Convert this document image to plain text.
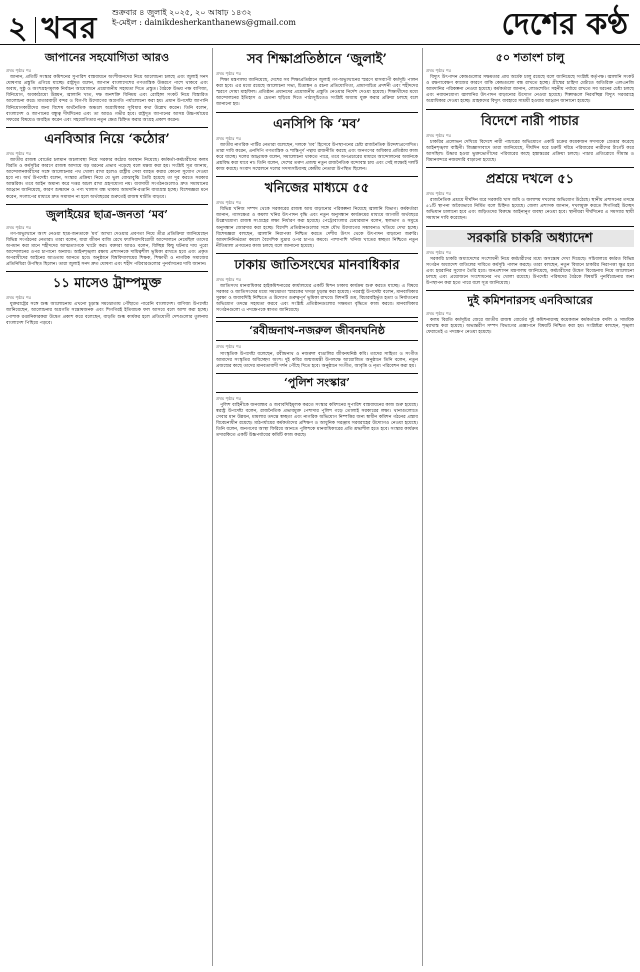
২ খবর শুক্রবার ৪ জুলাই ২০২৫, ২০ আষাঢ় ১৪৩২
ই-মেইল : dainikdesherkanthanews@gmail.com	দেশের কণ্ঠ
জাপানের সহযোগিতা আরও
প্রথম পৃষ্ঠার পর

জানান, প্রতিটি সংস্কার কমিশনের সুপারিশ বাস্তবায়নে অংশীজনদের নিয়ে আলোচনা চলছে এবং জুলাই সনদ ঘোষণার প্রস্তুতি এগিয়ে যাচ্ছে। রাষ্ট্রদূত বলেন, জাপান বাংলাদেশের গণতান্ত্রিক উত্তরণে পাশে থাকবে এবং অবাধ, সুষ্ঠু ও অংশগ্রহণমূলক নির্বাচন আয়োজনে প্রয়োজনীয় সহায়তা দিতে প্রস্তুত। বৈঠকে উভয় পক্ষ বাণিজ্য, বিনিয়োগ, অবকাঠামো উন্নয়ন, জ্বালানি খাত, দক্ষ জনশক্তি বিনিময় এবং রোহিঙ্গা সংকট নিয়ে বিস্তারিত আলোচনা করে। মাতারবাড়ী বন্দর ও বিগ-বি উদ্যোগের অগ্রগতি পর্যালোচনা করা হয়। প্রধান উপদেষ্টা জাপানি বিনিয়োগকারীদের জন্য বিশেষ অর্থনৈতিক অঞ্চলে অগ্রাধিকার সুবিধার কথা উল্লেখ করেন। তিনি বলেন, বাংলাদেশ ও জাপানের বন্ধুত্ব দীর্ঘদিনের এবং তা আরও গভীর হবে। রাষ্ট্রদূত জাপানের আসন্ন উচ্চপর্যায়ের সফরের বিষয়েও অবহিত করেন এবং সহযোগিতার নতুন ক্ষেত্র চিহ্নিত করার আগ্রহ প্রকাশ করেন।

এনবিআর নিয়ে ‘কঠোর’
প্রথম পৃষ্ঠার পর

জাতীয় রাজস্ব বোর্ডের চলমান অচলাবস্থা নিয়ে সরকার কঠোর অবস্থান নিয়েছে। কর্মকর্তা-কর্মচারীদের কলম বিরতি ও কর্মসূচির কারণে রাজস্ব আদায়ে বড় ধরনের প্রভাব পড়েছে বলে মন্তব্য করা হয়। সংশ্লিষ্ট সূত্র জানায়, আন্দোলনকারীদের সঙ্গে আলোচনার পথ খোলা রাখা হলেও রাষ্ট্রীয় সেবা ব্যাহত করার কোনো সুযোগ দেওয়া হবে না। অর্থ উপদেষ্টা বলেন, সংস্কার প্রক্রিয়া নিয়ে যে ভুল বোঝাবুঝি তৈরি হয়েছে তা দূর করতে সরকার আন্তরিক। তবে আইন অমান্য করে দপ্তর অচল রাখা গ্রহণযোগ্য নয়। ব্যবসায়ী সংগঠনগুলোও দ্রুত সমাধানের আহ্বান জানিয়েছে, কারণ শুল্কায়ন ও পণ্য খালাস বন্ধ থাকায় আমদানি-রপ্তানি বাধাগ্রস্ত হচ্ছে। বিশেষজ্ঞরা মনে করেন, সংলাপের মাধ্যমে দ্রুত সমাধান না হলে অর্থবছরের শুরুতেই রাজস্ব ঘাটতি বাড়বে।

জুলাইয়ের ছাত্র-জনতা ‘মব’
প্রথম পৃষ্ঠার পর

গণ-অভ্যুত্থানে অংশ নেওয়া ছাত্র-জনতাকে ‘মব’ আখ্যা দেওয়ার প্রবণতা নিয়ে তীব্র প্রতিক্রিয়া জানিয়েছেন বিভিন্ন সংগঠনের নেতারা। তারা বলেন, যারা জীবন বাজি রেখে ফ্যাসিবাদবিরোধী আন্দোলনে নেমেছিল তাদের অপমান করা মানে শহীদদের আত্মত্যাগকে খাটো করা। বক্তারা আরও বলেন, বিচ্ছিন্ন কিছু ঘটনার দায় পুরো আন্দোলনের ওপর চাপানো অন্যায়। আইনশৃঙ্খলা রক্ষায় প্রশাসনকে দায়িত্বশীল ভূমিকা রাখতে হবে এবং প্রকৃত অপরাধীদের আইনের আওতায় আনতে হবে। অনুষ্ঠানে বিশ্ববিদ্যালয়ের শিক্ষক, শিক্ষার্থী ও নাগরিক সমাজের প্রতিনিধিরা উপস্থিত ছিলেন। তারা জুলাই সনদ দ্রুত ঘোষণা এবং শহীদ পরিবারগুলোর পুনর্বাসনের দাবি জানান।

১১ মাসেও ট্রাম্পমুক্ত
প্রথম পৃষ্ঠার পর

যুক্তরাষ্ট্রের সঙ্গে শুল্ক আলোচনায় এখনো চূড়ান্ত সমঝোতায় পৌঁছাতে পারেনি বাংলাদেশ। বাণিজ্য উপদেষ্টা জানিয়েছেন, আলোচনার অগ্রগতি সন্তোষজনক এবং শিগগিরই ইতিবাচক ফল আসবে বলে আশা করা হচ্ছে। পোশাক রপ্তানিকারকরা উদ্বেগ প্রকাশ করে বলেছেন, বাড়তি শুল্ক কার্যকর হলে প্রতিযোগী দেশগুলোর তুলনায় বাংলাদেশ পিছিয়ে পড়বে।

সব শিক্ষাপ্রতিষ্ঠানে ‘জুলাই’
প্রথম পৃষ্ঠার পর

শিক্ষা মন্ত্রণালয় জানিয়েছে, দেশের সব শিক্ষাপ্রতিষ্ঠানে জুলাই গণ-অভ্যুত্থানের স্মরণে মাসব্যাপী কর্মসূচি পালন করা হবে। এর মধ্যে রয়েছে আলোচনা সভা, চিত্রাঙ্কন ও রচনা প্রতিযোগিতা, প্রামাণ্যচিত্র প্রদর্শনী এবং শহীদদের স্মরণে দোয়া মাহফিল। প্রতিষ্ঠান প্রধানদের প্রয়োজনীয় প্রস্তুতি নেওয়ার নির্দেশ দেওয়া হয়েছে। শিক্ষার্থীদের মধ্যে আন্দোলনের ইতিহাস ও চেতনা ছড়িয়ে দিতে পাঠ্যসূচিতেও সংশ্লিষ্ট অধ্যায় যুক্ত করার প্রক্রিয়া চলছে বলে জানানো হয়।

এনসিপি কি ‘মব’
প্রথম পৃষ্ঠার পর

জাতীয় নাগরিক পার্টির নেতারা বলেছেন, দলকে ‘মব’ হিসেবে উপস্থাপনের চেষ্টা রাজনৈতিক উদ্দেশ্যপ্রণোদিত। তারা দাবি করেন, এনসিপি গণতান্ত্রিক ও শান্তিপূর্ণ পন্থায় রাজনীতি করছে এবং জনগণের অধিকার প্রতিষ্ঠায় কাজ করে যাচ্ছে। দলের আহ্বায়ক বলেন, সমালোচনা থাকতে পারে, তবে অপপ্রচারের মাধ্যমে আন্দোলনের অর্জনকে প্রশ্নবিদ্ধ করা যাবে না। তিনি বলেন, দেশের তরুণ প্রজন্ম নতুন রাজনৈতিক বন্দোবস্ত চায় এবং সেই লক্ষ্যেই দলটি কাজ করছে। সংবাদ সম্মেলনে দলের সদস্যসচিবসহ কেন্দ্রীয় নেতারা উপস্থিত ছিলেন।

খনিজের মাধ্যমে ৫৫
প্রথম পৃষ্ঠার পর

বিভিন্ন খনিজ সম্পদ থেকে সরকারের রাজস্ব আয় বাড়ানোর পরিকল্পনা নিয়েছে জ্বালানি বিভাগ। কর্মকর্তারা জানান, গ্যাসক্ষেত্র ও কয়লা খনির উৎপাদন বৃদ্ধি এবং নতুন অনুসন্ধান কার্যক্রমের মাধ্যমে আগামী অর্থবছরে উল্লেখযোগ্য রাজস্ব সংগ্রহের লক্ষ্য নির্ধারণ করা হয়েছে। পেট্রোবাংলার চেয়ারম্যান বলেন, স্থলভাগ ও সমুদ্রে অনুসন্ধান জোরদার করা হচ্ছে। বিদেশি প্রতিষ্ঠানগুলোর সঙ্গে যৌথ উদ্যোগের সম্ভাবনাও খতিয়ে দেখা হচ্ছে। বিশেষজ্ঞরা বলছেন, জ্বালানি নিরাপত্তা নিশ্চিত করতে দেশীয় উৎস থেকে উৎপাদন বাড়ানো জরুরি। আমদানিনির্ভরতা কমলে বৈদেশিক মুদ্রার ওপর চাপও কমবে। পাশাপাশি খনিজ খাতের স্বচ্ছতা নিশ্চিতে নতুন নীতিমালা প্রণয়নের কাজ চলছে বলে জানানো হয়েছে।

ঢাকায় জাতিসংঘের মানবাধিকার
প্রথম পৃষ্ঠার পর

জাতিসংঘ মানবাধিকার হাইকমিশনারের কার্যালয়ের একটি মিশন ঢাকায় কার্যক্রম শুরু করতে যাচ্ছে। এ বিষয়ে সরকার ও জাতিসংঘের মধ্যে সমঝোতা স্মারকের খসড়া চূড়ান্ত করা হয়েছে। পররাষ্ট্র উপদেষ্টা বলেন, মানবাধিকার সুরক্ষা ও জবাবদিহি নিশ্চিতে এ উদ্যোগ গুরুত্বপূর্ণ ভূমিকা রাখবে। মিশনটি গুম, বিচারবহির্ভূত হত্যা ও নির্যাতনের অভিযোগ তদন্তে সহায়তা করবে এবং সংশ্লিষ্ট প্রতিষ্ঠানগুলোর সক্ষমতা বৃদ্ধিতে কাজ করবে। মানবাধিকার সংগঠনগুলো এ পদক্ষেপকে স্বাগত জানিয়েছে।

‘রবীন্দ্রনাথ-নজরুল জীবনঘনিষ্ঠ
প্রথম পৃষ্ঠার পর

সাংস্কৃতিক উপদেষ্টা বলেছেন, রবীন্দ্রনাথ ও নজরুল বাঙালির জীবনঘনিষ্ঠ কবি। তাদের সাহিত্য ও সংগীত আমাদের সংস্কৃতির অবিচ্ছেদ্য অংশ। দুই কবির জন্মজয়ন্তী উপলক্ষে আয়োজিত অনুষ্ঠানে তিনি বলেন, নতুন প্রজন্মের কাছে তাদের মানবতাবাদী দর্শন পৌঁছে দিতে হবে। অনুষ্ঠানে সংগীত, আবৃত্তি ও নৃত্য পরিবেশন করা হয়।

‘পুলিশ সংস্কার’
প্রথম পৃষ্ঠার পর

পুলিশ বাহিনীকে জনবান্ধব ও জবাবদিহিমূলক করতে সংস্কার কমিশনের সুপারিশ বাস্তবায়নের কাজ শুরু হয়েছে। স্বরাষ্ট্র উপদেষ্টা বলেন, রাজনৈতিক প্রভাবমুক্ত পেশাদার পুলিশ গড়ে তোলাই সরকারের লক্ষ্য। থানাগুলোতে সেবার মান উন্নয়ন, মামলার তদন্তে স্বচ্ছতা এবং নাগরিক অভিযোগ নিষ্পত্তির জন্য স্বাধীন কমিশন গঠনের প্রস্তাব বিবেচনাধীন রয়েছে। মাঠপর্যায়ের কর্মকর্তাদের প্রশিক্ষণ ও আধুনিক সরঞ্জাম সরবরাহের উদ্যোগও নেওয়া হয়েছে। তিনি বলেন, জনগণের আস্থা ফিরিয়ে আনতে পুলিশকে মানবাধিকারের প্রতি শ্রদ্ধাশীল হতে হবে। সংস্কার কার্যক্রম তদারকিতে একটি উচ্চপর্যায়ের কমিটি কাজ করছে।

৫০ শতাংশ চালু
প্রথম পৃষ্ঠার পর

বিদ্যুৎ উৎপাদন কেন্দ্রগুলোর সক্ষমতার প্রায় অর্ধেক চালু রয়েছে বলে জানিয়েছে সংশ্লিষ্ট কর্তৃপক্ষ। জ্বালানি সংকট ও রক্ষণাবেক্ষণ কাজের কারণে বাকি কেন্দ্রগুলো বন্ধ রাখতে হচ্ছে। গ্রীষ্মের চাহিদা মেটাতে অতিরিক্ত এলএনজি আমদানির পরিকল্পনা নেওয়া হয়েছে। কর্মকর্তারা জানান, লোডশেডিং সহনীয় পর্যায়ে রাখতে সব ধরনের চেষ্টা চলছে এবং নবায়নযোগ্য জ্বালানির উৎপাদন বাড়ানোর উদ্যোগ নেওয়া হয়েছে। শিল্পাঞ্চলে নিরবচ্ছিন্ন বিদ্যুৎ সরবরাহে অগ্রাধিকার দেওয়া হচ্ছে। গ্রাহকদের বিদ্যুৎ ব্যবহারে সাশ্রয়ী হওয়ার আহ্বান জানানো হয়েছে।

বিদেশে নারী পাচার
প্রথম পৃষ্ঠার পর

চাকরির প্রলোভন দেখিয়ে বিদেশে নারী পাচারের অভিযোগে একটি চক্রের কয়েকজন সদস্যকে গ্রেপ্তার করেছে আইনশৃঙ্খলা বাহিনী। জিজ্ঞাসাবাদে তারা জানিয়েছে, দীর্ঘদিন ধরে চক্রটি দরিদ্র পরিবারের নারীদের টার্গেট করে আসছিল। উদ্ধার হওয়া ভুক্তভোগীদের পরিবারের কাছে হস্তান্তরের প্রক্রিয়া চলছে। পাচার প্রতিরোধে সীমান্ত ও বিমানবন্দরে নজরদারি বাড়ানো হয়েছে।

প্রশ্রয়ে দখলে ৫১
প্রথম পৃষ্ঠার পর

রাজনৈতিক প্রশ্রয়ে দীর্ঘদিন ধরে সরকারি খাস জমি ও জলাশয় দখলের অভিযোগ উঠেছে। স্থানীয় প্রশাসনের তদন্তে ৫১টি স্থাপনা অবৈধভাবে নির্মিত বলে চিহ্নিত হয়েছে। জেলা প্রশাসক জানান, দখলমুক্ত করতে শিগগিরই উচ্ছেদ অভিযান চালানো হবে এবং জড়িতদের বিরুদ্ধে আইনানুগ ব্যবস্থা নেওয়া হবে। স্থানীয়রা দীর্ঘদিনের এ সমস্যার স্থায়ী সমাধান দাবি করেছেন।

সরকারি চাকরি অধ্যাদেশ
প্রথম পৃষ্ঠার পর

সরকারি চাকরি অধ্যাদেশের সংশোধনী নিয়ে কর্মচারীদের মধ্যে অসন্তোষ দেখা দিয়েছে। সচিবালয়ে কর্মরত বিভিন্ন সংগঠন অধ্যাদেশ বাতিলের দাবিতে কর্মসূচি পালন করছে। তারা বলছেন, নতুন বিধানে চাকরির নিরাপত্তা ক্ষুণ্ণ হবে এবং হয়রানির সুযোগ তৈরি হবে। জনপ্রশাসন মন্ত্রণালয় জানিয়েছে, কর্মচারীদের উদ্বেগ বিবেচনায় নিয়ে আলোচনা চলছে এবং প্রয়োজনে সংশোধনের পথ খোলা রয়েছে। উপদেষ্টা পরিষদের বৈঠকে বিষয়টি পুনর্বিবেচনার জন্য উপস্থাপন করা হতে পারে বলে সূত্র জানিয়েছে।

দুই কমিশনারসহ এনবিআরের
প্রথম পৃষ্ঠার পর

কলম বিরতি কর্মসূচির জেরে জাতীয় রাজস্ব বোর্ডের দুই কমিশনারসহ কয়েকজন কর্মকর্তাকে বদলি ও সাময়িক বরখাস্ত করা হয়েছে। অভ্যন্তরীণ সম্পদ বিভাগের প্রজ্ঞাপনে বিষয়টি নিশ্চিত করা হয়। সংশ্লিষ্টরা বলছেন, শৃঙ্খলা ফেরাতেই এ পদক্ষেপ নেওয়া হয়েছে।
